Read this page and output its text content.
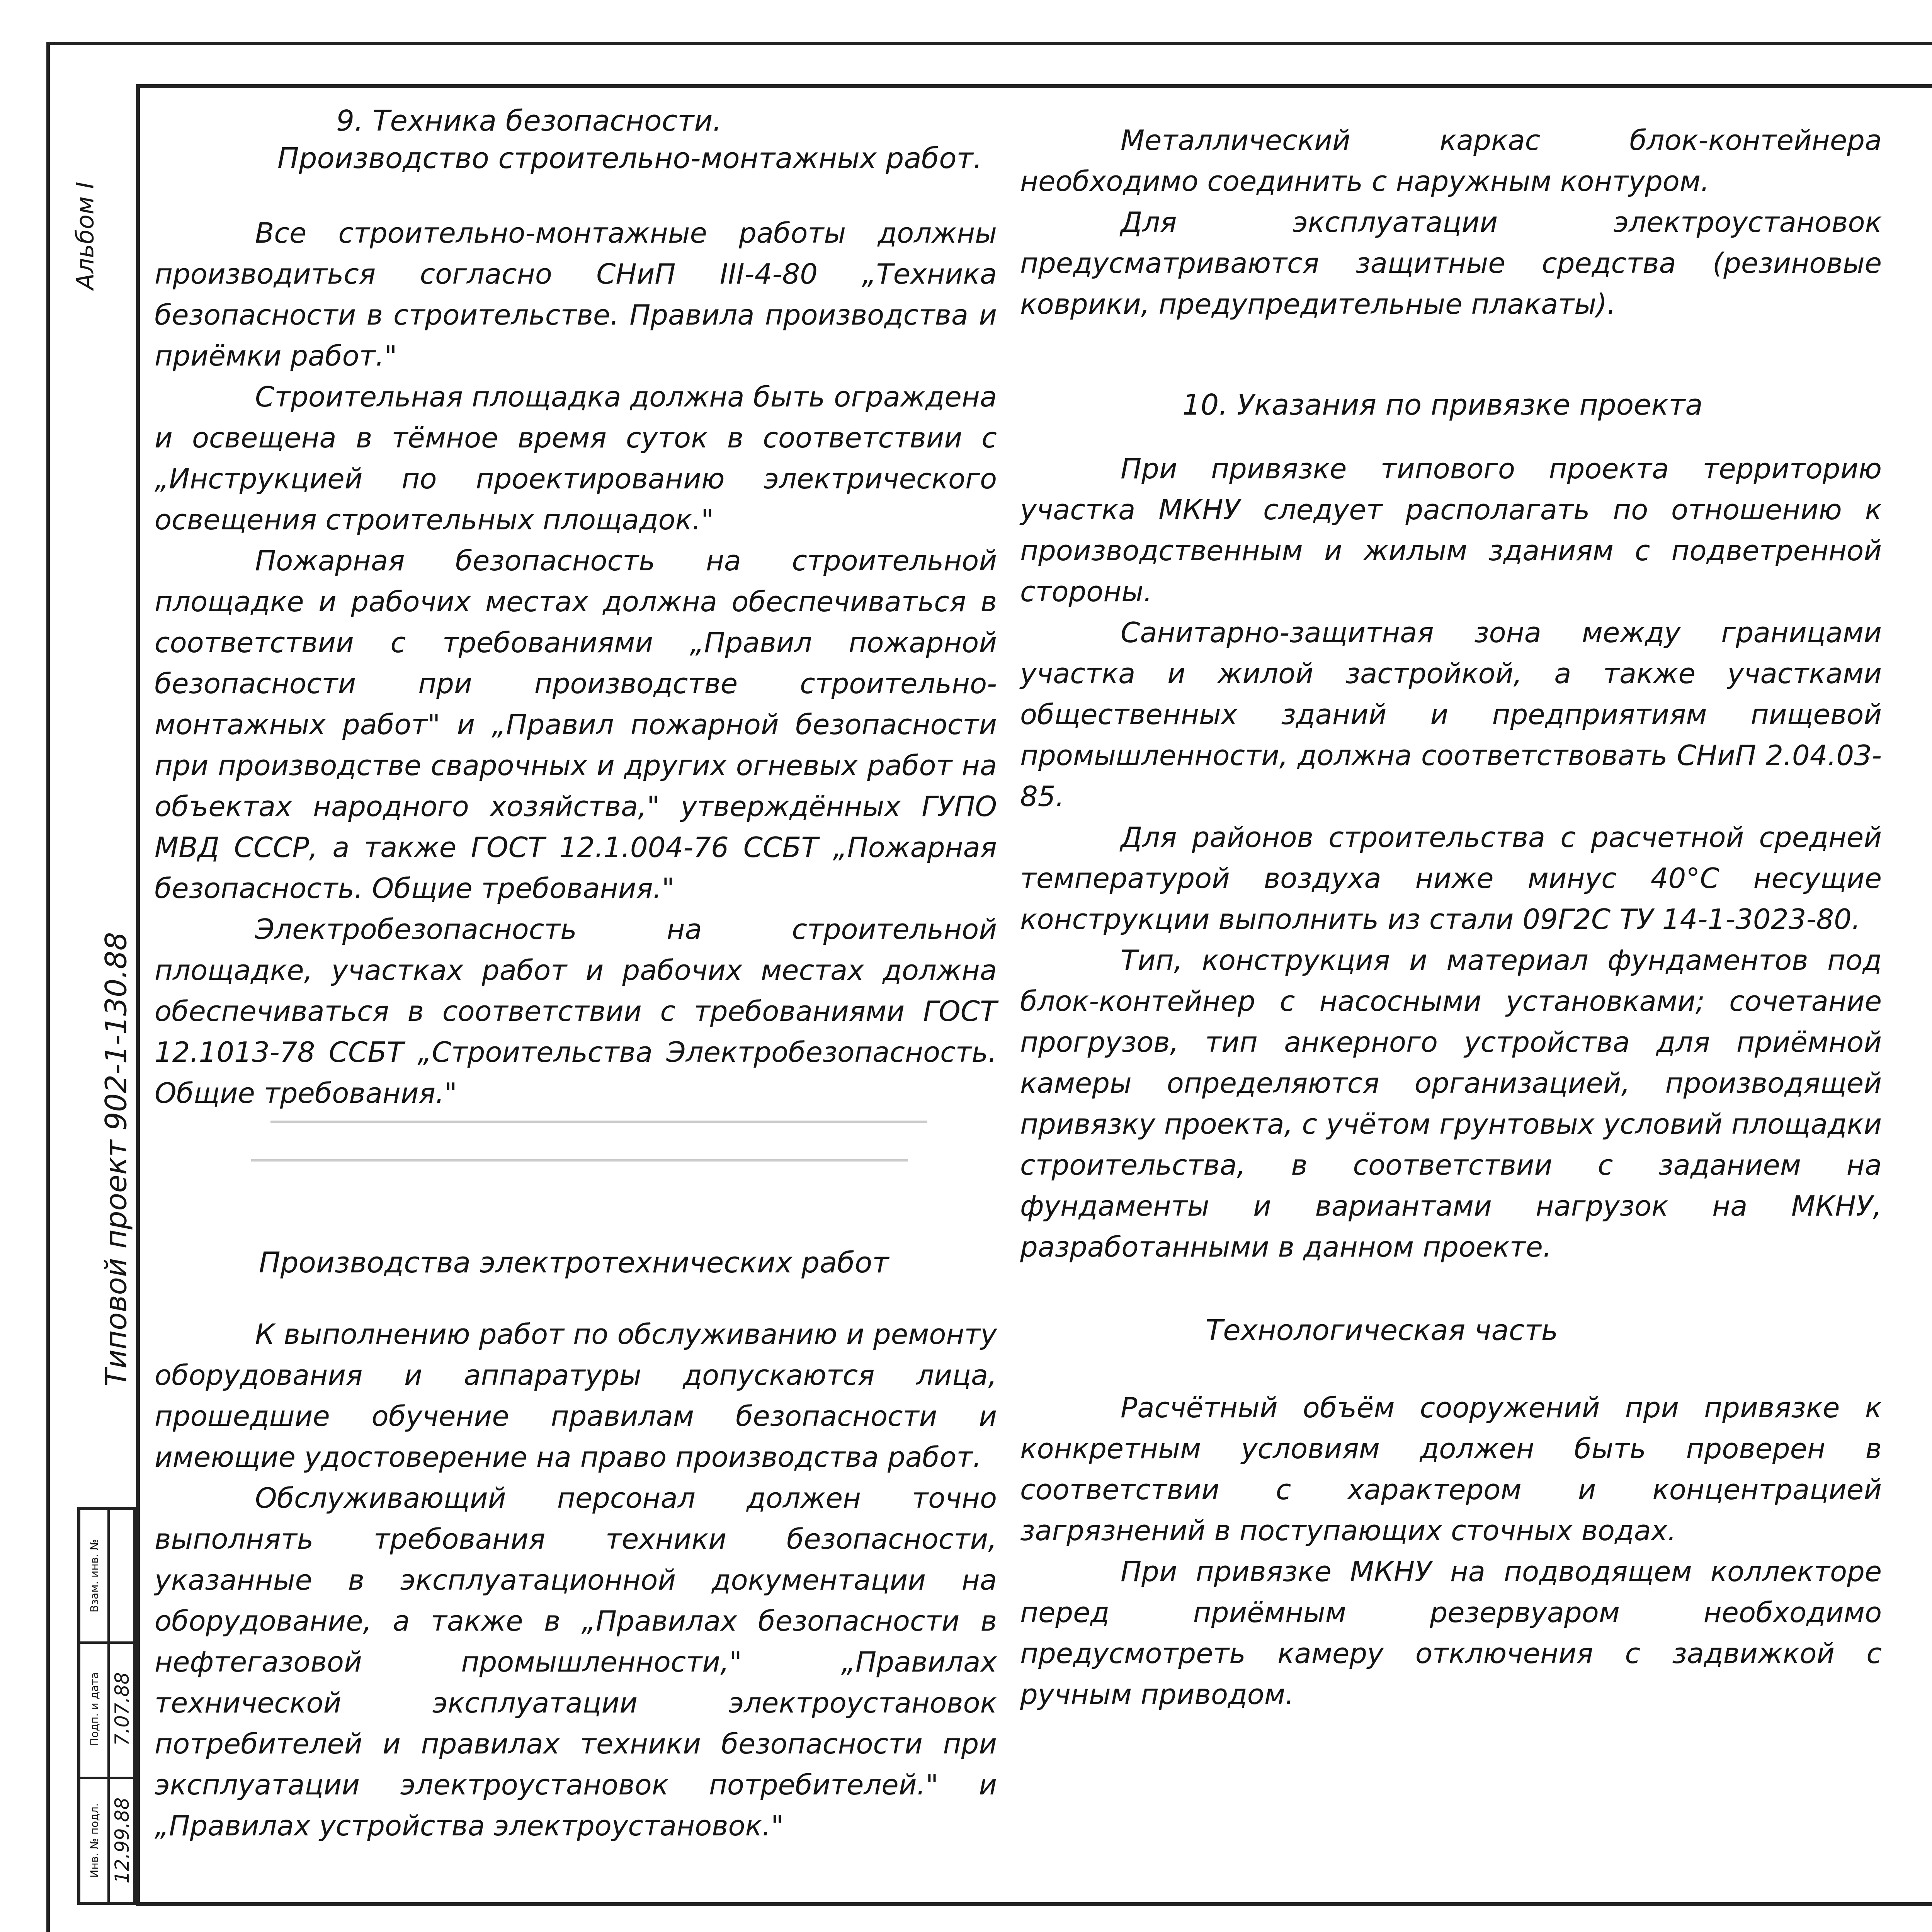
Альбом I
Типовой проект 902-1-130.88
Инв. № подл.
Подп. и дата
Взам. инв. №
12.99.88
7.07.88
9. Техника безопасности.
Производство строительно-монтажных работ.

Все строительно-монтажные работы должны производиться согласно СНиП III-4-80 „Техника безопасности в строительстве. Правила производства и приёмки работ."

Строительная площадка должна быть ограждена и освещена в тёмное время суток в соответствии с „Инструкцией по проектированию электрического освещения строительных площадок."

Пожарная безопасность на строительной площадке и рабочих местах должна обеспечиваться в соответствии с требованиями „Правил пожарной безопасности при производстве строительно-монтажных работ" и „Правил пожарной безопасности при производстве сварочных и других огневых работ на объектах народного хозяйства," утверждённых ГУПО МВД СССР, а также ГОСТ 12.1.004-76 ССБТ „Пожарная безопасность. Общие требования."

Электробезопасность на строительной площадке, участках работ и рабочих местах должна обеспечиваться в соответствии с требованиями ГОСТ 12.1013-78 ССБТ „Строительства Электробезопасность. Общие требования."

Производства электротехнических работ

К выполнению работ по обслуживанию и ремонту оборудования и аппаратуры допускаются лица, прошедшие обучение правилам безопасности и имеющие удостоверение на право производства работ.

Обслуживающий персонал должен точно выполнять требования техники безопасности, указанные в эксплуатационной документации на оборудование, а также в „Правилах безопасности в нефтегазовой промышленности," „Правилах технической эксплуатации электроустановок потребителей и правилах техники безопасности при эксплуатации электроустановок потребителей." и „Правилах устройства электроустановок."

Металлический каркас блок-контейнера необходимо соединить с наружным контуром.

Для эксплуатации электроустановок предусматриваются защитные средства (резиновые коврики, предупредительные плакаты).

10. Указания по привязке проекта

При привязке типового проекта территорию участка МКНУ следует располагать по отношению к производственным и жилым зданиям с подветренной стороны.

Санитарно-защитная зона между границами участка и жилой застройкой, а также участками общественных зданий и предприятиям пищевой промышленности, должна соответствовать СНиП 2.04.03-85.

Для районов строительства с расчетной средней температурой воздуха ниже минус 40°С несущие конструкции выполнить из стали 09Г2С ТУ 14-1-3023-80.

Тип, конструкция и материал фундаментов под блок-контейнер с насосными установками; сочетание прогрузов, тип анкерного устройства для приёмной камеры определяются организацией, производящей привязку проекта, с учётом грунтовых условий площадки строительства, в соответствии с заданием на фундаменты и вариантами нагрузок на МКНУ, разработанными в данном проекте.

Технологическая часть

Расчётный объём сооружений при привязке к конкретным условиям должен быть проверен в соответствии с характером и концентрацией загрязнений в поступающих сточных водах.

При привязке МКНУ на подводящем коллекторе перед приёмным резервуаром необходимо предусмотреть камеру отключения с задвижкой с ручным приводом.
